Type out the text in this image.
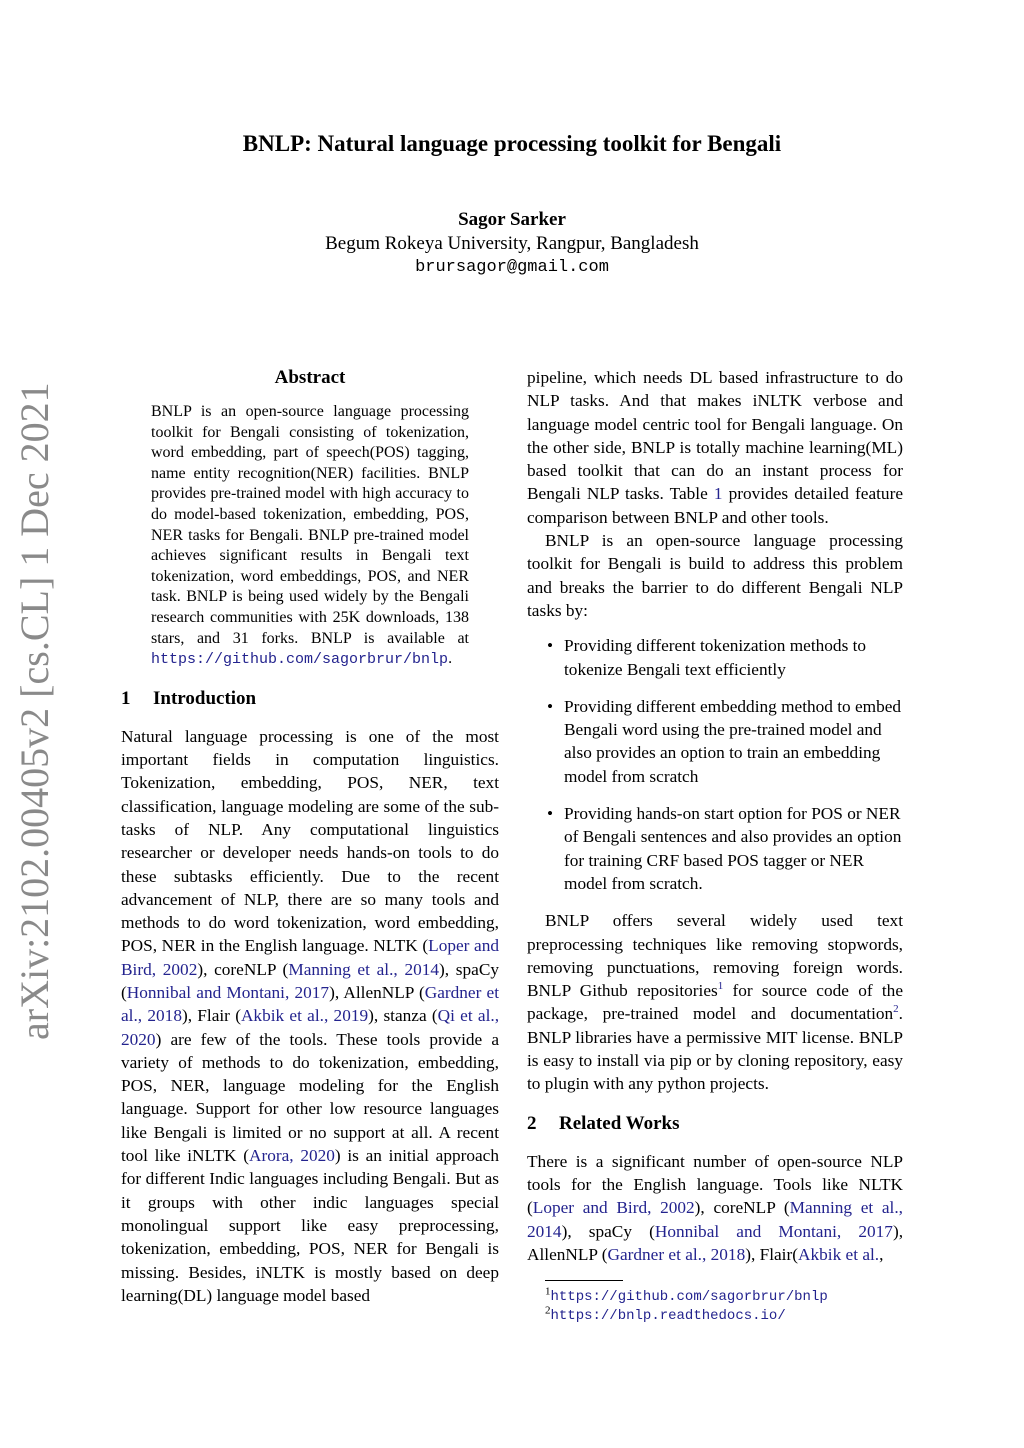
arXiv:2102.00405v2 [cs.CL] 1 Dec 2021
BNLP: Natural language processing toolkit for Bengali
Sagor Sarker
Begum Rokeya University, Rangpur, Bangladesh
brursagor@gmail.com
Abstract
BNLP is an open-source language processing toolkit for Bengali consisting of tokenization, word embedding, part of speech(POS) tagging, name entity recognition(NER) facilities. BNLP provides pre-trained model with high accuracy to do model-based tokenization, embedding, POS, NER tasks for Bengali. BNLP pre-trained model achieves significant results in Bengali text tokenization, word embeddings, POS, and NER task. BNLP is being used widely by the Bengali research communities with 25K downloads, 138 stars, and 31 forks. BNLP is available at https://github.com/sagorbrur/bnlp.
1 Introduction

Natural language processing is one of the most important fields in computation linguistics. Tokenization, embedding, POS, NER, text classification, language modeling are some of the sub-tasks of NLP. Any computational linguistics researcher or developer needs hands-on tools to do these subtasks efficiently. Due to the recent advancement of NLP, there are so many tools and methods to do word tokenization, word embedding, POS, NER in the English language. NLTK (Loper and Bird, 2002), coreNLP (Manning et al., 2014), spaCy (Honnibal and Montani, 2017), AllenNLP (Gardner et al., 2018), Flair (Akbik et al., 2019), stanza (Qi et al., 2020) are few of the tools. These tools provide a variety of methods to do tokenization, embedding, POS, NER, language modeling for the English language. Support for other low resource languages like Bengali is limited or no support at all. A recent tool like iNLTK (Arora, 2020) is an initial approach for different Indic languages including Bengali. But as it groups with other indic languages special monolingual support like easy preprocessing, tokenization, embedding, POS, NER for Bengali is missing. Besides, iNLTK is mostly based on deep learning(DL) language model based

pipeline, which needs DL based infrastructure to do NLP tasks. And that makes iNLTK verbose and language model centric tool for Bengali language. On the other side, BNLP is totally machine learning(ML) based toolkit that can do an instant process for Bengali NLP tasks. Table 1 provides detailed feature comparison between BNLP and other tools.

BNLP is an open-source language processing toolkit for Bengali is build to address this problem and breaks the barrier to do different Bengali NLP tasks by:

• Providing different tokenization methods to tokenize Bengali text efficiently
• Providing different embedding method to embed Bengali word using the pre-trained model and also provides an option to train an embedding model from scratch
• Providing hands-on start option for POS or NER of Bengali sentences and also provides an option for training CRF based POS tagger or NER model from scratch.

BNLP offers several widely used text preprocessing techniques like removing stopwords, removing punctuations, removing foreign words. BNLP Github repositories$^1$ for source code of the package, pre-trained model and documentation$^2$. BNLP libraries have a permissive MIT license. BNLP is easy to install via pip or by cloning repository, easy to plugin with any python projects.

2 Related Works

There is a significant number of open-source NLP tools for the English language. Tools like NLTK (Loper and Bird, 2002), coreNLP (Manning et al., 2014), spaCy (Honnibal and Montani, 2017), AllenNLP (Gardner et al., 2018), Flair(Akbik et al.,

$^1$https://github.com/sagorbrur/bnlp
$^2$https://bnlp.readthedocs.io/
